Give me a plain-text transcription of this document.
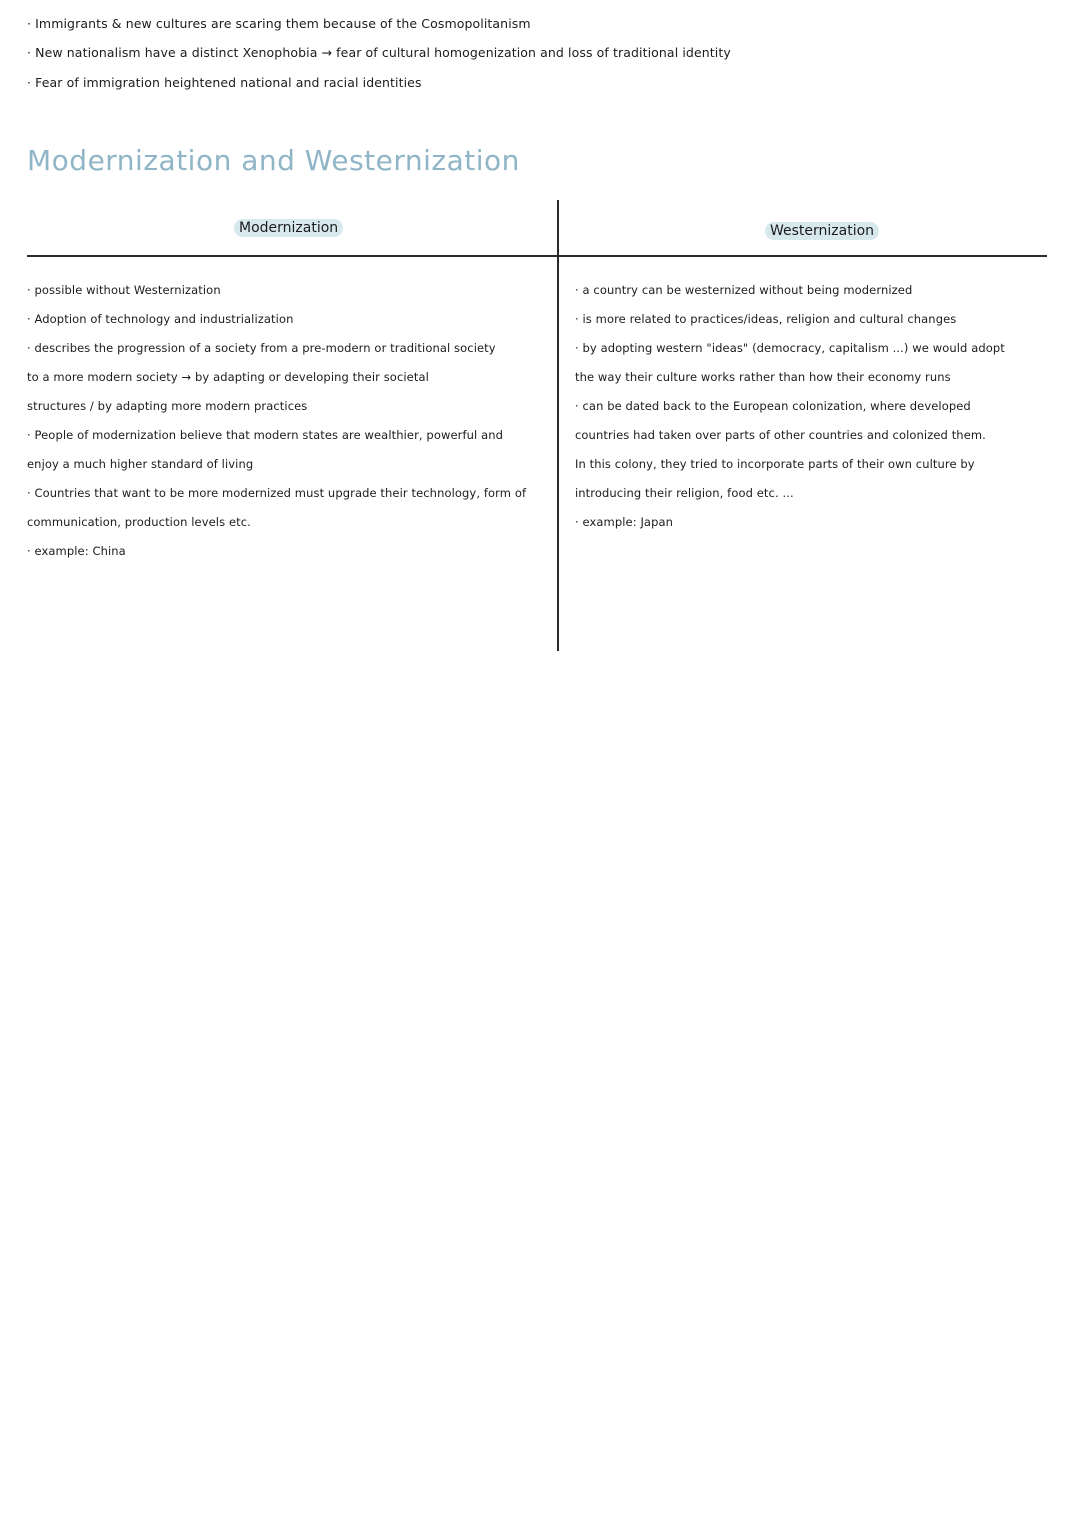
· Immigrants & new cultures are scaring them because of the Cosmopolitanism
· New nationalism have a distinct Xenophobia → fear of cultural homogenization and loss of traditional identity
· Fear of immigration heightened national and racial identities
Modernization and Westernization
Modernization	Westernization
· possible without Westernization
· Adoption of technology and industrialization
· describes the progression of a society from a pre-modern or traditional society
to a more modern society → by adapting or developing their societal
structures / by adapting more modern practices
· People of modernization believe that modern states are wealthier, powerful and
enjoy a much higher standard of living
· Countries that want to be more modernized must upgrade their technology, form of
communication, production levels etc.
· example: China
· a country can be westernized without being modernized
· is more related to practices/ideas, religion and cultural changes
· by adopting western "ideas" (democracy, capitalism ...) we would adopt
the way their culture works rather than how their economy runs
· can be dated back to the European colonization, where developed
countries had taken over parts of other countries and colonized them.
In this colony, they tried to incorporate parts of their own culture by
introducing their religion, food etc. ...
· example: Japan
